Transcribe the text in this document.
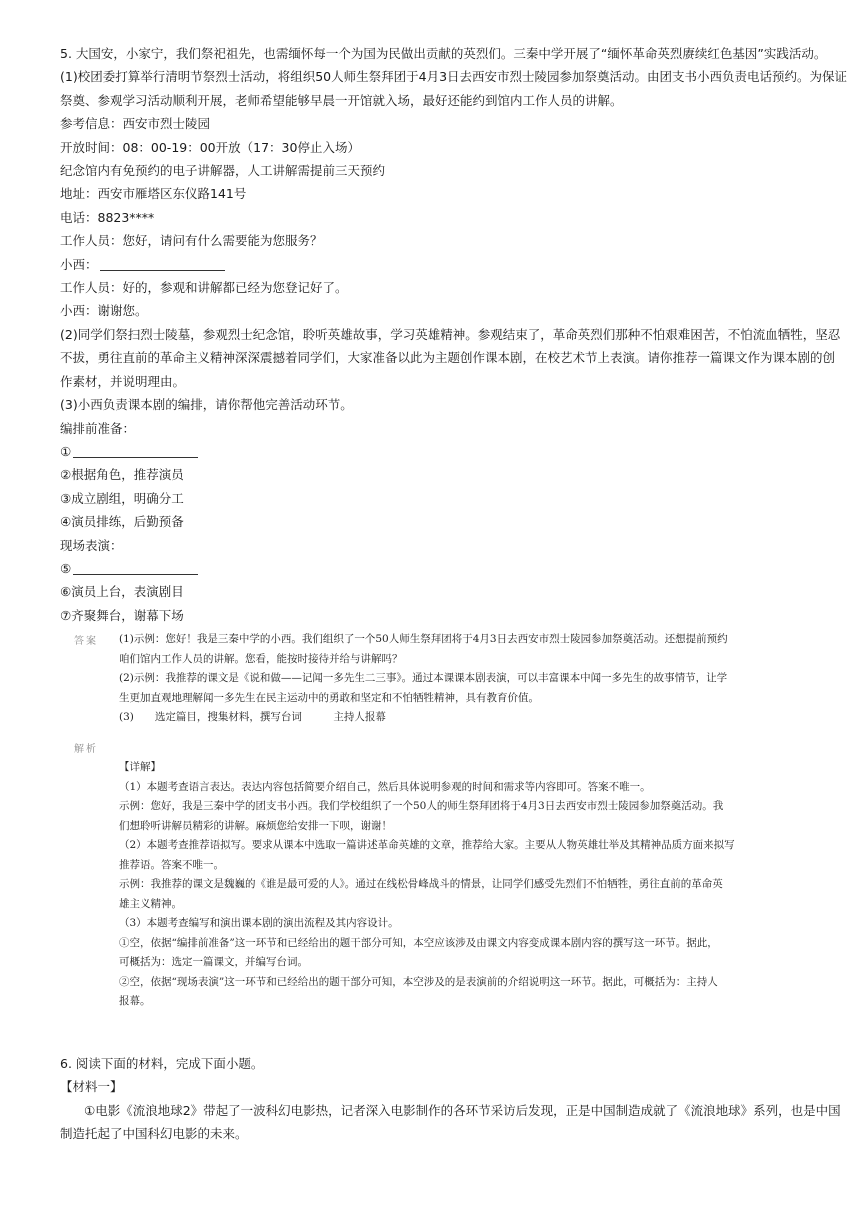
5. 大国安，小家宁，我们祭祀祖先，也需缅怀每一个为国为民做出贡献的英烈们。三秦中学开展了“缅怀革命英烈赓续红色基因”实践活动。
(1)校团委打算举行清明节祭烈士活动，将组织50人师生祭拜团于4月3日去西安市烈士陵园参加祭奠活动。由团支书小西负责电话预约。为保证
祭奠、参观学习活动顺利开展，老师希望能够早晨一开馆就入场，最好还能约到馆内工作人员的讲解。
参考信息：西安市烈士陵园
开放时间：08：00-19：00开放（17：30停止入场）
纪念馆内有免预约的电子讲解器，人工讲解需提前三天预约
地址：西安市雁塔区东仪路141号
电话：8823****
工作人员：您好，请问有什么需要能为您服务？
小西：
工作人员：好的，参观和讲解都已经为您登记好了。
小西：谢谢您。
(2)同学们祭扫烈士陵墓，参观烈士纪念馆，聆听英雄故事，学习英雄精神。参观结束了，革命英烈们那种不怕艰难困苦，不怕流血牺牲，坚忍
不拔，勇往直前的革命主义精神深深震撼着同学们，大家准备以此为主题创作课本剧，在校艺术节上表演。请你推荐一篇课文作为课本剧的创
作素材，并说明理由。
(3)小西负责课本剧的编排，请你帮他完善活动环节。
编排前准备：
①
②根据角色，推荐演员
③成立剧组，明确分工
④演员排练，后勤预备
现场表演：
⑤
⑥演员上台，表演剧目
⑦齐聚舞台，谢幕下场
答案 (1)示例：您好！我是三秦中学的小西。我们组织了一个50人师生祭拜团将于4月3日去西安市烈士陵园参加祭奠活动。还想提前预约
咱们馆内工作人员的讲解。您看，能按时接待并给与讲解吗？
(2)示例：我推荐的课文是《说和做——记闻一多先生二三事》。通过本课课本剧表演，可以丰富课本中闻一多先生的故事情节，让学
生更加直观地理解闻一多先生在民主运动中的勇敢和坚定和不怕牺牲精神，具有教育价值。
(3)　　选定篇目，搜集材料，撰写台词　　　主持人报幕
解析
【详解】
（1）本题考查语言表达。表达内容包括简要介绍自己，然后具体说明参观的时间和需求等内容即可。答案不唯一。
示例：您好，我是三秦中学的团支书小西。我们学校组织了一个50人的师生祭拜团将于4月3日去西安市烈士陵园参加祭奠活动。我
们想聆听讲解员精彩的讲解。麻烦您给安排一下呗，谢谢！
（2）本题考查推荐语拟写。要求从课本中选取一篇讲述革命英雄的文章，推荐给大家。主要从人物英雄壮举及其精神品质方面来拟写
推荐语。答案不唯一。
示例：我推荐的课文是魏巍的《谁是最可爱的人》。通过在线松骨峰战斗的情景，让同学们感受先烈们不怕牺牲，勇往直前的革命英
雄主义精神。
（3）本题考查编写和演出课本剧的演出流程及其内容设计。
①空，依据“编排前准备”这一环节和已经给出的题干部分可知，本空应该涉及由课文内容变成课本剧内容的撰写这一环节。据此，
可概括为：选定一篇课文，并编写台词。
②空，依据“现场表演”这一环节和已经给出的题干部分可知，本空涉及的是表演前的介绍说明这一环节。据此，可概括为：主持人
报幕。
6. 阅读下面的材料，完成下面小题。
【材料一】
①电影《流浪地球2》带起了一波科幻电影热，记者深入电影制作的各环节采访后发现，正是中国制造成就了《流浪地球》系列，也是中国
制造托起了中国科幻电影的未来。
